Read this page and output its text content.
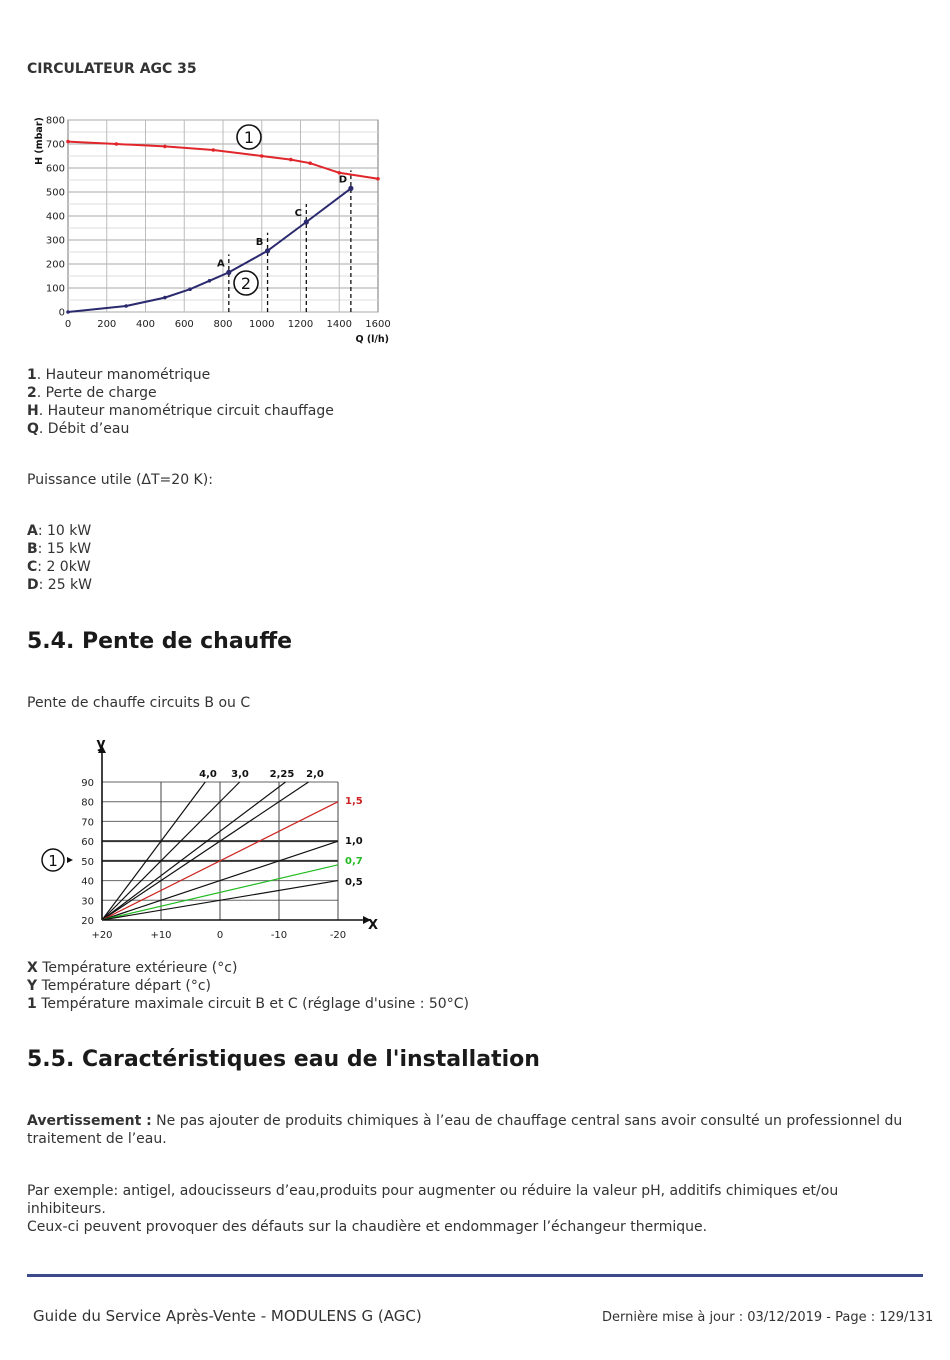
CIRCULATEUR AGC 35
0
100
200
300
400
500
600
700
800
0	200 400 600 800 1000 1200 1400 1600
H (mbar)
Q (l/h)
A
B
C
D
1
2
1. Hauteur manométrique
2. Perte de charge
H. Hauteur manométrique circuit chauffage
Q. Débit d’eau
Puissance utile (ΔT=20 K):
A: 10 kW
B: 15 kW
C: 2 0kW
D: 25 kW
5.4. Pente de chauffe
Pente de chauffe circuits B ou C
y
X
20
30
40
50
60
70
80
90
+20	+10	0	-10	-20
4,0 3,0 2,25 2,0
1,5
1,0
0,7
0,5
1
X Température extérieure (°c)
Y Température départ (°c)
1 Température maximale circuit B et C (réglage d'usine : 50°C)
5.5. Caractéristiques eau de l'installation
Avertissement : Ne pas ajouter de produits chimiques à l’eau de chauffage central sans avoir consulté un professionnel du traitement de l’eau.
Par exemple: antigel, adoucisseurs d’eau,produits pour augmenter ou réduire la valeur pH, additifs chimiques et/ou inhibiteurs.
Ceux-ci peuvent provoquer des défauts sur la chaudière et endommager l’échangeur thermique.
Guide du Service Après-Vente - MODULENS G (AGC)	Dernière mise à jour : 03/12/2019 - Page : 129/131
